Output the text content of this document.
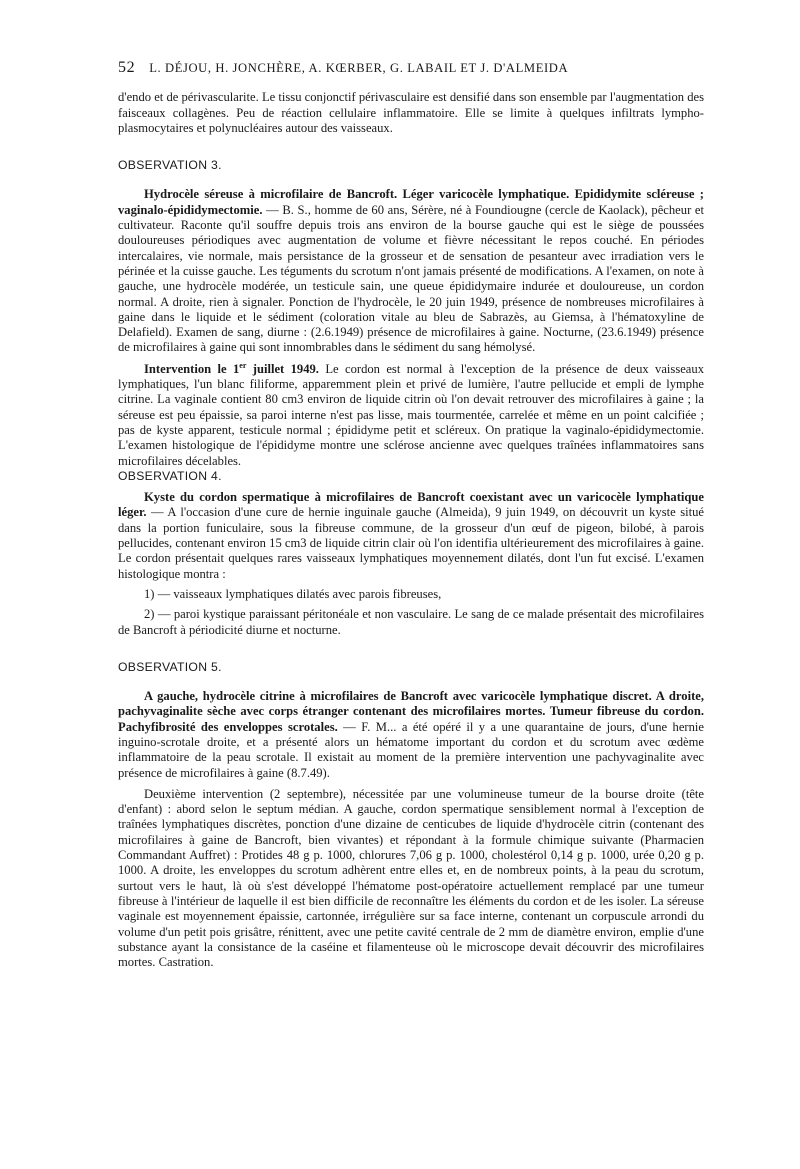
52 L. DÉJOU, H. JONCHÈRE, A. KŒRBER, G. LABAIL ET J. D'ALMEIDA

d'endo et de périvascularite. Le tissu conjonctif périvasculaire est densifié dans son ensemble par l'augmentation des faisceaux collagènes. Peu de réaction cellulaire inflammatoire. Elle se limite à quelques infiltrats lympho-plasmocytaires et polynucléaires autour des vaisseaux.

OBSERVATION 3.

Hydrocèle séreuse à microfilaire de Bancroft. Léger varicocèle lymphatique. Epididymite scléreuse ; vaginalo-épididymectomie. — B. S., homme de 60 ans, Sérère, né à Foundiougne (cercle de Kaolack), pêcheur et cultivateur. Raconte qu'il souffre depuis trois ans environ de la bourse gauche qui est le siège de poussées douloureuses périodiques avec augmentation de volume et fièvre nécessitant le repos couché. En périodes intercalaires, vie normale, mais persistance de la grosseur et de sensation de pesanteur avec irradiation vers le périnée et la cuisse gauche. Les téguments du scrotum n'ont jamais présenté de modifications. A l'examen, on note à gauche, une hydrocèle modérée, un testicule sain, une queue épididymaire indurée et douloureuse, un cordon normal. A droite, rien à signaler. Ponction de l'hydrocèle, le 20 juin 1949, présence de nombreuses microfilaires à gaine dans le liquide et le sédiment (coloration vitale au bleu de Sabrazès, au Giemsa, à l'hématoxyline de Delafield). Examen de sang, diurne : (2.6.1949) présence de microfilaires à gaine. Nocturne, (23.6.1949) présence de microfilaires à gaine qui sont innombrables dans le sédiment du sang hémolysé.

Intervention le 1er juillet 1949. Le cordon est normal à l'exception de la présence de deux vaisseaux lymphatiques, l'un blanc filiforme, apparemment plein et privé de lumière, l'autre pellucide et empli de lymphe citrine. La vaginale contient 80 cm3 environ de liquide citrin où l'on devait retrouver des microfilaires à gaine ; la séreuse est peu épaissie, sa paroi interne n'est pas lisse, mais tourmentée, carrelée et même en un point calcifiée ; pas de kyste apparent, testicule normal ; épididyme petit et scléreux. On pratique la vaginalo-épididymectomie. L'examen histologique de l'épididyme montre une sclérose ancienne avec quelques traînées inflammatoires sans microfilaires décelables.

OBSERVATION 4.

Kyste du cordon spermatique à microfilaires de Bancroft coexistant avec un varicocèle lymphatique léger. — A l'occasion d'une cure de hernie inguinale gauche (Almeida), 9 juin 1949, on découvrit un kyste situé dans la portion funiculaire, sous la fibreuse commune, de la grosseur d'un œuf de pigeon, bilobé, à parois pellucides, contenant environ 15 cm3 de liquide citrin clair où l'on identifia ultérieurement des microfilaires à gaine. Le cordon présentait quelques rares vaisseaux lymphatiques moyennement dilatés, dont l'un fut excisé. L'examen histologique montra :

1) — vaisseaux lymphatiques dilatés avec parois fibreuses,
2) — paroi kystique paraissant péritonéale et non vasculaire. Le sang de ce malade présentait des microfilaires de Bancroft à périodicité diurne et nocturne.
OBSERVATION 5.

A gauche, hydrocèle citrine à microfilaires de Bancroft avec varicocèle lymphatique discret. A droite, pachyvaginalite sèche avec corps étranger contenant des microfilaires mortes. Tumeur fibreuse du cordon. Pachyfibrosité des enveloppes scrotales. — F. M... a été opéré il y a une quarantaine de jours, d'une hernie inguino-scrotale droite, et a présenté alors un hématome important du cordon et du scrotum avec œdème inflammatoire de la peau scrotale. Il existait au moment de la première intervention une pachyvaginalite avec présence de microfilaires à gaine (8.7.49).

Deuxième intervention (2 septembre), nécessitée par une volumineuse tumeur de la bourse droite (tête d'enfant) : abord selon le septum médian. A gauche, cordon spermatique sensiblement normal à l'exception de traînées lymphatiques discrètes, ponction d'une dizaine de centicubes de liquide d'hydrocèle citrin (contenant des microfilaires à gaine de Bancroft, bien vivantes) et répondant à la formule chimique suivante (Pharmacien Commandant Auffret) : Protides 48 g p. 1000, chlorures 7,06 g p. 1000, cholestérol 0,14 g p. 1000, urée 0,20 g p. 1000. A droite, les enveloppes du scrotum adhèrent entre elles et, en de nombreux points, à la peau du scrotum, surtout vers le haut, là où s'est développé l'hématome post-opératoire actuellement remplacé par une tumeur fibreuse à l'intérieur de laquelle il est bien difficile de reconnaître les éléments du cordon et de les isoler. La séreuse vaginale est moyennement épaissie, cartonnée, irrégulière sur sa face interne, contenant un corpuscule arrondi du volume d'un petit pois grisâtre, rénittent, avec une petite cavité centrale de 2 mm de diamètre environ, emplie d'une substance ayant la consistance de la caséine et filamenteuse où le microscope devait découvrir des microfilaires mortes. Castration.
